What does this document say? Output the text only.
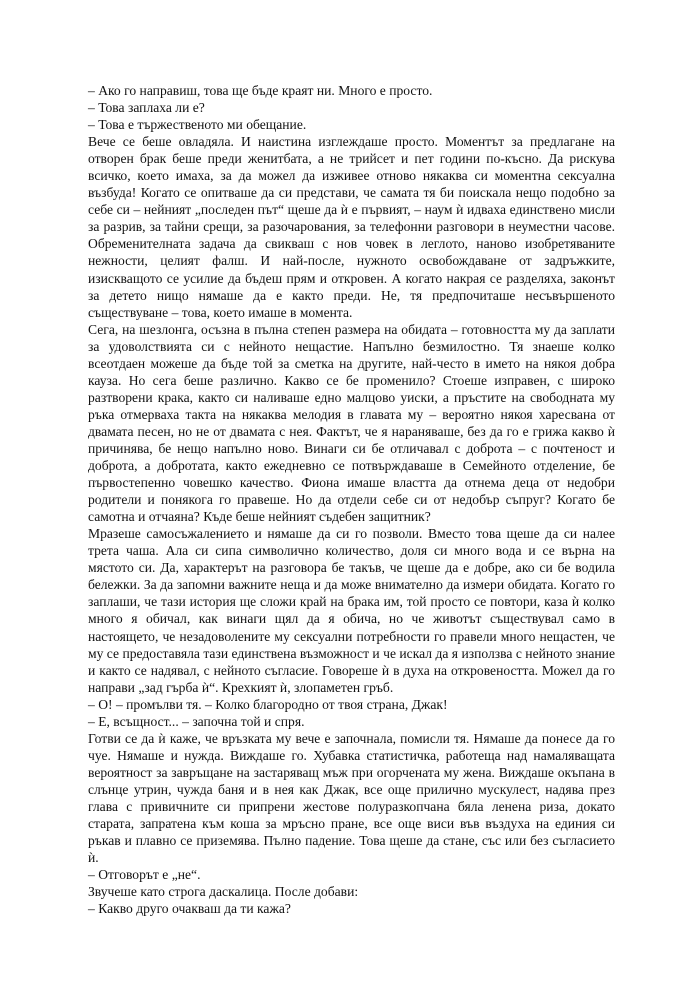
– Ако го направиш, това ще бъде краят ни. Много е просто.

– Това заплаха ли е?

– Това е тържественото ми обещание.

Вече се беше овладяла. И наистина изглеждаше просто. Моментът за предлагане на отворен брак беше преди женитбата, а не трийсет и пет години по-късно. Да рискува всичко, което имаха, за да можел да изживее отново някаква си моментна сексуална възбуда! Когато се опитваше да си представи, че самата тя би поискала нещо подобно за себе си – нейният „последен път“ щеше да ѝ е първият, – наум ѝ идваха единствено мисли за разрив, за тайни срещи, за разочарования, за телефонни разговори в неуместни часове. Обременителната задача да свикваш с нов човек в леглото, наново изобретяваните нежности, целият фалш. И най-после, нужното освобождаване от задръжките, изискващото се усилие да бъдеш прям и откровен. А когато накрая се разделяха, законът за детето нищо нямаше да е както преди. Не, тя предпочиташе несъвършеното съществуване – това, което имаше в момента.

Сега, на шезлонга, осъзна в пълна степен размера на обидата – готовността му да заплати за удоволствията си с нейното нещастие. Напълно безмилостно. Тя знаеше колко всеотдаен можеше да бъде той за сметка на другите, най-често в името на някоя добра кауза. Но сега беше различно. Какво се бе променило? Стоеше изправен, с широко разтворени крака, както си наливаше едно малцово уиски, а пръстите на свободната му ръка отмерваха такта на някаква мелодия в главата му – вероятно някоя харесвана от двамата песен, но не от двамата с нея. Фактът, че я нараняваше, без да го е грижа какво ѝ причинява, бе нещо напълно ново. Винаги си бе отличавал с доброта – с почтеност и доброта, а добротата, както ежедневно се потвърждаваше в Семейното отделение, бе първостепенно човешко качество. Фиона имаше властта да отнема деца от недобри родители и понякога го правеше. Но да отдели себе си от недобър съпруг? Когато бе самотна и отчаяна? Къде беше нейният съдебен защитник?

Мразеше самосъжалението и нямаше да си го позволи. Вместо това щеше да си налее трета чаша. Ала си сипа символично количество, доля си много вода и се върна на мястото си. Да, характерът на разговора бе такъв, че щеше да е добре, ако си бе водила бележки. За да запомни важните неща и да може внимателно да измери обидата. Когато го заплаши, че тази история ще сложи край на брака им, той просто се повтори, каза ѝ колко много я обичал, как винаги щял да я обича, но че животът съществувал само в настоящето, че незадоволените му сексуални потребности го правели много нещастен, че му се предоставяла тази единствена възможност и че искал да я използва с нейното знание и както се надявал, с нейното съгласие. Говореше ѝ в духа на откровеността. Можел да го направи „зад гърба ѝ“. Крехкият ѝ, злопаметен гръб.

– О! – промълви тя. – Колко благородно от твоя страна, Джак!

– Е, всъщност... – започна той и спря.

Готви се да ѝ каже, че връзката му вече е започнала, помисли тя. Нямаше да понесе да го чуе. Нямаше и нужда. Виждаше го. Хубавка статистичка, работеща над намаляващата вероятност за завръщане на застаряващ мъж при огорчената му жена. Виждаше окъпана в слънце утрин, чужда баня и в нея как Джак, все още прилично мускулест, надява през глава с привичните си припрени жестове полуразкопчана бяла ленена риза, докато старата, запратена към коша за мръсно пране, все още виси във въздуха на единия си ръкав и плавно се приземява. Пълно падение. Това щеше да стане, със или без съгласието ѝ.

– Отговорът е „не“.

Звучеше като строга даскалица. После добави:

– Какво друго очакваш да ти кажа?
